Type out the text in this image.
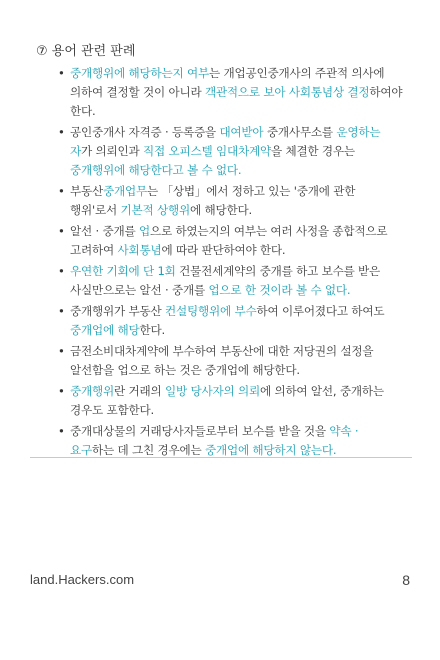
⑦ 용어 관련 판례
• 중개행위에 해당하는지 여부는 개업공인중개사의 주관적 의사에 의하여 결정할 것이 아니라 객관적으로 보아 사회통념상 결정하여야 한다.
• 공인중개사 자격증 · 등록증을 대여받아 중개사무소를 운영하는 자가 의뢰인과 직접 오피스텔 임대차계약을 체결한 경우는 중개행위에 해당한다고 볼 수 없다.
• 부동산중개업무는 「상법」에서 정하고 있는 '중개에 관한 행위'로서 기본적 상행위에 해당한다.
• 알선 · 중개를 업으로 하였는지의 여부는 여러 사정을 종합적으로 고려하여 사회통념에 따라 판단하여야 한다.
• 우연한 기회에 단 1회 건물전세계약의 중개를 하고 보수를 받은 사실만으로는 알선 · 중개를 업으로 한 것이라 볼 수 없다.
• 중개행위가 부동산 컨설팅행위에 부수하여 이루어졌다고 하여도 중개업에 해당한다.
• 금전소비대차계약에 부수하여 부동산에 대한 저당권의 설정을 알선함을 업으로 하는 것은 중개업에 해당한다.
• 중개행위란 거래의 일방 당사자의 의뢰에 의하여 알선, 중개하는 경우도 포함한다.
• 중개대상물의 거래당사자들로부터 보수를 받을 것을 약속 · 요구하는 데 그친 경우에는 중개업에 해당하지 않는다.
land.Hackers.com	8
